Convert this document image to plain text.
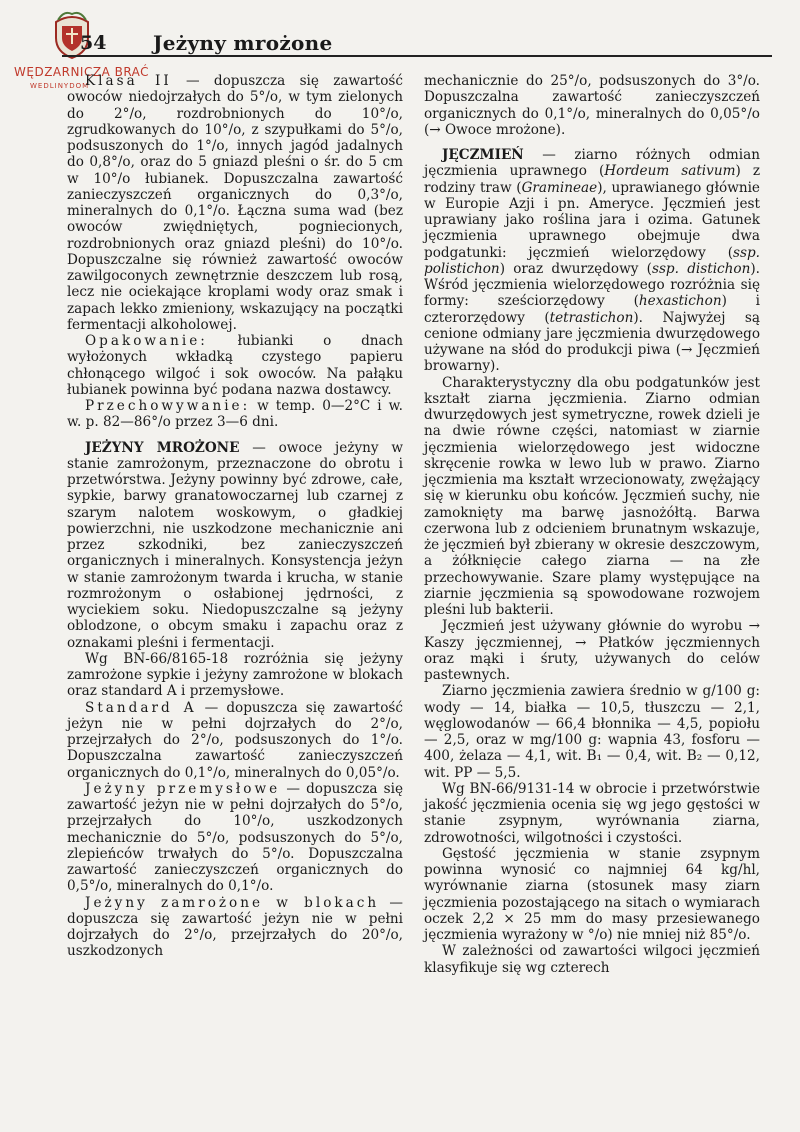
WĘDZARNICZA BRAĆ
WEDLINYDOM
54 Jeżyny mrożone

Klasa II — dopuszcza się zawartość owoców niedojrzałych do 5°/o, w tym zielonych do 2°/o, rozdrobnionych do 10°/o, zgrudkowanych do 10°/o, z szypułkami do 5°/o, podsuszonych do 1°/o, innych jagód jadalnych do 0,8°/o, oraz do 5 gniazd pleśni o śr. do 5 cm w 10°/o łubianek. Dopuszczalna zawartość zanieczyszczeń organicznych do 0,3°/o, mineralnych do 0,1°/o. Łączna suma wad (bez owoców zwiędniętych, pogniecionych, rozdrobnionych oraz gniazd pleśni) do 10°/o. Dopuszczalne się również zawartość owoców zawilgoconych zewnętrznie deszczem lub rosą, lecz nie ociekające kroplami wody oraz smak i zapach lekko zmieniony, wskazujący na początki fermentacji alkoholowej.

Opakowanie: łubianki o dnach wyłożonych wkładką czystego papieru chłonącego wilgoć i sok owoców. Na pałąku łubianek powinna być podana nazwa dostawcy.

Przechowywanie: w temp. 0—2°C i w. w. p. 82—86°/o przez 3—6 dni.

JEŻYNY MROŻONE — owoce jeżyny w stanie zamrożonym, przeznaczone do obrotu i przetwórstwa. Jeżyny powinny być zdrowe, całe, sypkie, barwy granatowoczarnej lub czarnej z szarym nalotem woskowym, o gładkiej powierzchni, nie uszkodzone mechanicznie ani przez szkodniki, bez zanieczyszczeń organicznych i mineralnych. Konsystencja jeżyn w stanie zamrożonym twarda i krucha, w stanie rozmrożonym o osłabionej jędrności, z wyciekiem soku. Niedopuszczalne są jeżyny oblodzone, o obcym smaku i zapachu oraz z oznakami pleśni i fermentacji.

Wg BN-66/8165-18 rozróżnia się jeżyny zamrożone sypkie i jeżyny zamrożone w blokach oraz standard A i przemysłowe.

Standard A — dopuszcza się zawartość jeżyn nie w pełni dojrzałych do 2°/o, przejrzałych do 2°/o, podsuszonych do 1°/o. Dopuszczalna zawartość zanieczyszczeń organicznych do 0,1°/o, mineralnych do 0,05°/o.

Jeżyny przemysłowe — dopuszcza się zawartość jeżyn nie w pełni dojrzałych do 5°/o, przejrzałych do 10°/o, uszkodzonych mechanicznie do 5°/o, podsuszonych do 5°/o, zlepieńców trwałych do 5°/o. Dopuszczalna zawartość zanieczyszczeń organicznych do 0,5°/o, mineralnych do 0,1°/o.

Jeżyny zamrożone w blokach — dopuszcza się zawartość jeżyn nie w pełni dojrzałych do 2°/o, przejrzałych do 20°/o, uszkodzonych

mechanicznie do 25°/o, podsuszonych do 3°/o. Dopuszczalna zawartość zanieczyszczeń organicznych do 0,1°/o, mineralnych do 0,05°/o (→ Owoce mrożone).

JĘCZMIEŃ — ziarno różnych odmian jęczmienia uprawnego (Hordeum sativum) z rodziny traw (Gramineae), uprawianego głównie w Europie Azji i pn. Ameryce. Jęczmień jest uprawiany jako roślina jara i ozima. Gatunek jęczmienia uprawnego obejmuje dwa podgatunki: jęczmień wielorzędowy (ssp. polistichon) oraz dwurzędowy (ssp. distichon). Wśród jęczmienia wielorzędowego rozróżnia się formy: sześciorzędowy (hexastichon) i czterorzędowy (tetrastichon). Najwyżej są cenione odmiany jare jęczmienia dwurzędowego używane na słód do produkcji piwa (→ Jęczmień browarny).

Charakterystyczny dla obu podgatunków jest kształt ziarna jęczmienia. Ziarno odmian dwurzędowych jest symetryczne, rowek dzieli je na dwie równe części, natomiast w ziarnie jęczmienia wielorzędowego jest widoczne skręcenie rowka w lewo lub w prawo. Ziarno jęczmienia ma kształt wrzecionowaty, zwężający się w kierunku obu końców. Jęczmień suchy, nie zamoknięty ma barwę jasnożółtą. Barwa czerwona lub z odcieniem brunatnym wskazuje, że jęczmień był zbierany w okresie deszczowym, a żółknięcie całego ziarna — na złe przechowywanie. Szare plamy występujące na ziarnie jęczmienia są spowodowane rozwojem pleśni lub bakterii.

Jęczmień jest używany głównie do wyrobu → Kaszy jęczmiennej, → Płatków jęczmiennych oraz mąki i śruty, używanych do celów pastewnych.

Ziarno jęczmienia zawiera średnio w g/100 g: wody — 14, białka — 10,5, tłuszczu — 2,1, węglowodanów — 66,4 błonnika — 4,5, popiołu — 2,5, oraz w mg/100 g: wapnia 43, fosforu — 400, żelaza — 4,1, wit. B₁ — 0,4, wit. B₂ — 0,12, wit. PP — 5,5.

Wg BN-66/9131-14 w obrocie i przetwórstwie jakość jęczmienia ocenia się wg jego gęstości w stanie zsypnym, wyrównania ziarna, zdrowotności, wilgotności i czystości.

Gęstość jęczmienia w stanie zsypnym powinna wynosić co najmniej 64 kg/hl, wyrównanie ziarna (stosunek masy ziarn jęczmienia pozostającego na sitach o wymiarach oczek 2,2 × 25 mm do masy przesiewanego jęczmienia wyrażony w °/o) nie mniej niż 85°/o.

W zależności od zawartości wilgoci jęczmień klasyfikuje się wg czterech
